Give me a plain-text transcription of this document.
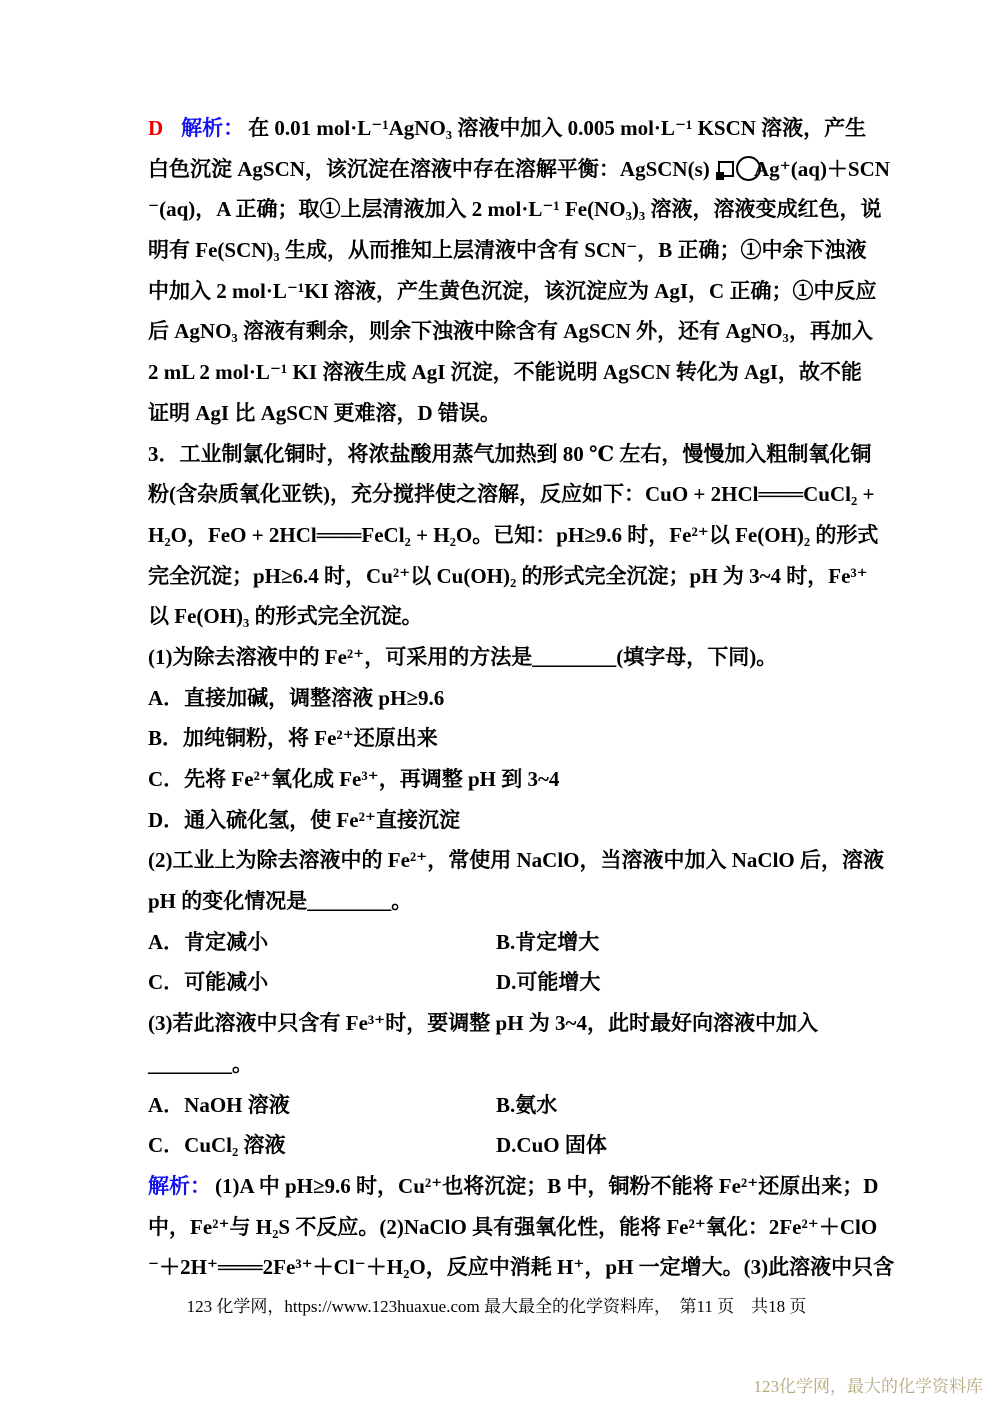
D 解析： 在 0.01 mol·L⁻¹AgNO₃ 溶液中加入 0.005 mol·L⁻¹ KSCN 溶液，产生
白色沉淀 AgSCN，该沉淀在溶液中存在溶解平衡：AgSCN(s) Ag⁺(aq)＋SCN
⁻(aq)，A 正确；取①上层清液加入 2 mol·L⁻¹ Fe(NO₃)₃ 溶液，溶液变成红色，说
明有 Fe(SCN)₃ 生成，从而推知上层清液中含有 SCN⁻，B 正确；①中余下浊液
中加入 2 mol·L⁻¹KI 溶液，产生黄色沉淀，该沉淀应为 AgI，C 正确；①中反应
后 AgNO₃ 溶液有剩余，则余下浊液中除含有 AgSCN 外，还有 AgNO₃，再加入
2 mL 2 mol·L⁻¹ KI 溶液生成 AgI 沉淀，不能说明 AgSCN 转化为 AgI，故不能
证明 AgI 比 AgSCN 更难溶，D 错误。
3．工业制氯化铜时，将浓盐酸用蒸气加热到 80 ℃ 左右，慢慢加入粗制氧化铜
粉(含杂质氧化亚铁)，充分搅拌使之溶解，反应如下：CuO + 2HCl═══CuCl₂ +
H₂O，FeO + 2HCl═══FeCl₂ + H₂O。已知：pH≥9.6 时，Fe²⁺以 Fe(OH)₂ 的形式
完全沉淀；pH≥6.4 时，Cu²⁺以 Cu(OH)₂ 的形式完全沉淀；pH 为 3~4 时，Fe³⁺
以 Fe(OH)₃ 的形式完全沉淀。
(1)为除去溶液中的 Fe²⁺，可采用的方法是________(填字母，下同)。
A．直接加碱，调整溶液 pH≥9.6
B．加纯铜粉，将 Fe²⁺还原出来
C．先将 Fe²⁺氧化成 Fe³⁺，再调整 pH 到 3~4
D．通入硫化氢，使 Fe²⁺直接沉淀
(2)工业上为除去溶液中的 Fe²⁺，常使用 NaClO，当溶液中加入 NaClO 后，溶液
pH 的变化情况是________。
A．肯定减小	B.肯定增大
C．可能减小	D.可能增大
(3)若此溶液中只含有 Fe³⁺时，要调整 pH 为 3~4，此时最好向溶液中加入
________。
A．NaOH 溶液	B.氨水
C．CuCl₂ 溶液	D.CuO 固体
解析： (1)A 中 pH≥9.6 时，Cu²⁺也将沉淀；B 中，铜粉不能将 Fe²⁺还原出来；D
中，Fe²⁺与 H₂S 不反应。(2)NaClO 具有强氧化性，能将 Fe²⁺氧化：2Fe²⁺＋ClO
⁻＋2H⁺═══2Fe³⁺＋Cl⁻＋H₂O，反应中消耗 H⁺，pH 一定增大。(3)此溶液中只含
123 化学网，https://www.123huaxue.com 最大最全的化学资料库，　第11 页　共18 页
123化学网，最大的化学资料库
